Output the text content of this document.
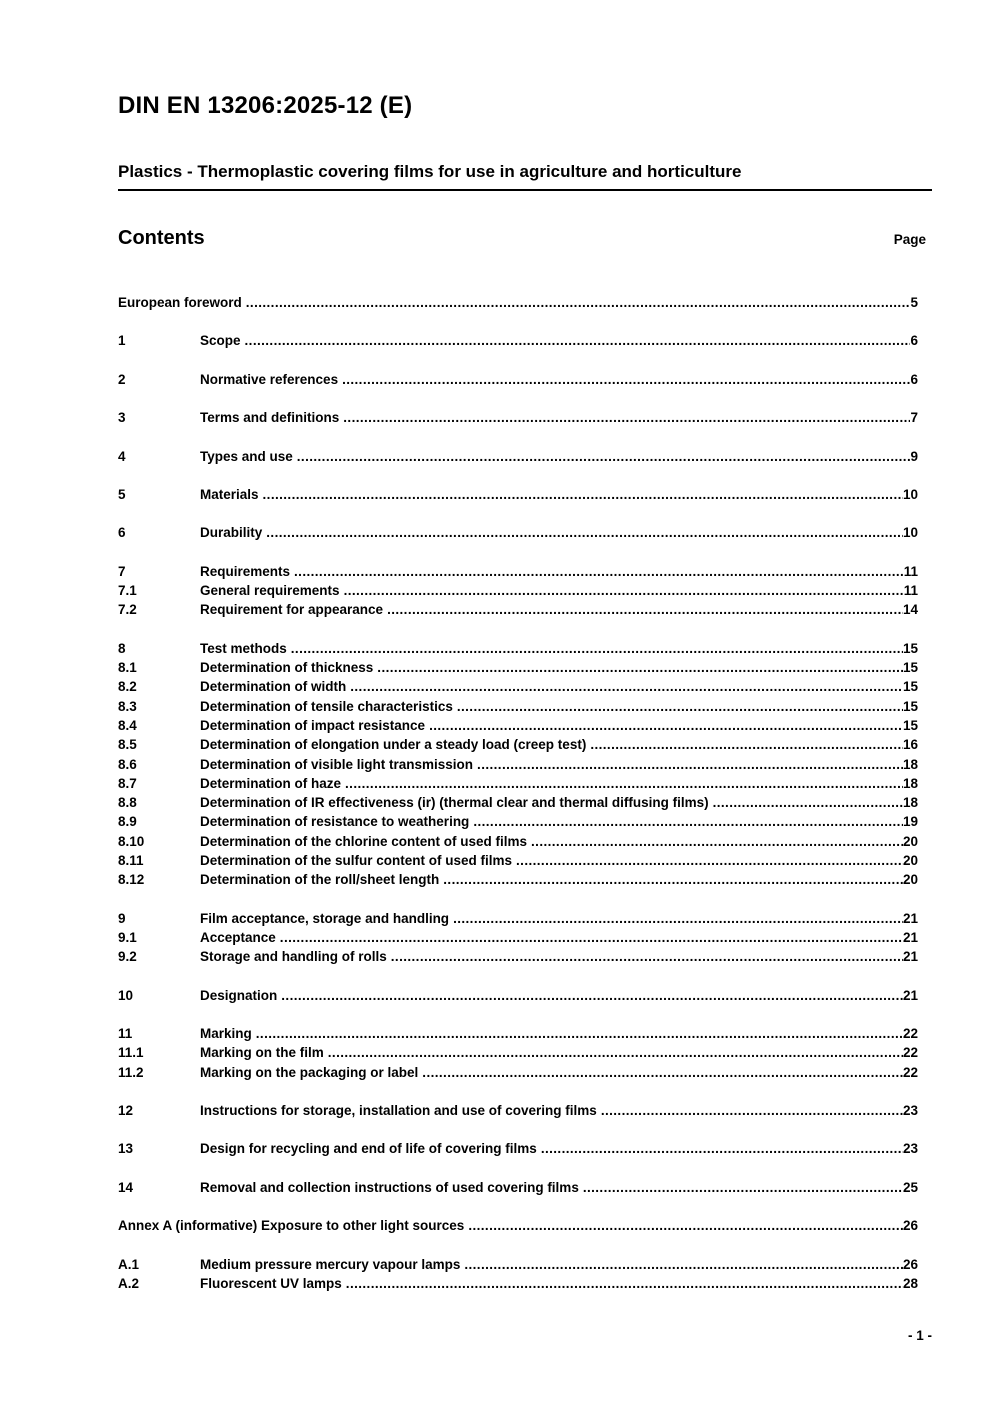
DIN EN 13206:2025-12 (E)
Plastics - Thermoplastic covering films for use in agriculture and horticulture
Contents	Page
European foreword .....	5
1	Scope .....	6
2	Normative references .....	6
3	Terms and definitions .....	7
4	Types and use .....	9
5	Materials .....	10
6	Durability .....	10
7	Requirements .....	11
7.1	General requirements .....	11
7.2	Requirement for appearance .....	14
8	Test methods .....	15
8.1	Determination of thickness .....	15
8.2	Determination of width .....	15
8.3	Determination of tensile characteristics .....	15
8.4	Determination of impact resistance .....	15
8.5	Determination of elongation under a steady load (creep test) .....	16
8.6	Determination of visible light transmission .....	18
8.7	Determination of haze .....	18
8.8	Determination of IR effectiveness (ir) (thermal clear and thermal diffusing films) .....	18
8.9	Determination of resistance to weathering .....	19
8.10	Determination of the chlorine content of used films .....	20
8.11	Determination of the sulfur content of used films .....	20
8.12	Determination of the roll/sheet length .....	20
9	Film acceptance, storage and handling .....	21
9.1	Acceptance .....	21
9.2	Storage and handling of rolls .....	21
10	Designation .....	21
11	Marking .....	22
11.1	Marking on the film .....	22
11.2	Marking on the packaging or label .....	22
12	Instructions for storage, installation and use of covering films .....	23
13	Design for recycling and end of life of covering films .....	23
14	Removal and collection instructions of used covering films .....	25
Annex A (informative) Exposure to other light sources .....	26
A.1	Medium pressure mercury vapour lamps .....	26
A.2	Fluorescent UV lamps .....	28
- 1 -
